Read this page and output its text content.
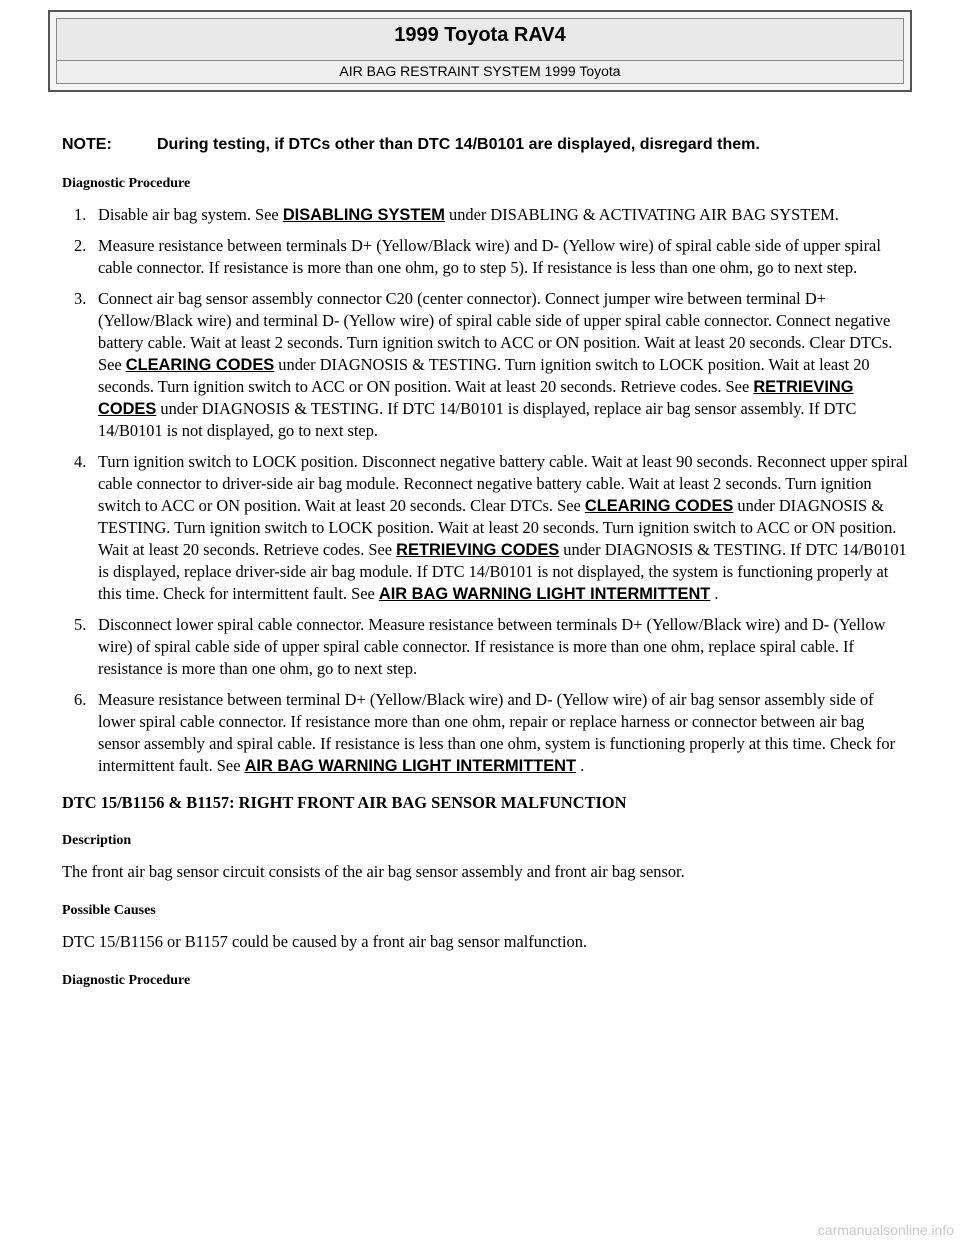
1999 Toyota RAV4
AIR BAG RESTRAINT SYSTEM 1999 Toyota
NOTE:	During testing, if DTCs other than DTC 14/B0101 are displayed, disregard them.
Diagnostic Procedure
1. Disable air bag system. See DISABLING SYSTEM under DISABLING & ACTIVATING AIR BAG SYSTEM.
2. Measure resistance between terminals D+ (Yellow/Black wire) and D- (Yellow wire) of spiral cable side of upper spiral cable connector. If resistance is more than one ohm, go to step 5). If resistance is less than one ohm, go to next step.
3. Connect air bag sensor assembly connector C20 (center connector). Connect jumper wire between terminal D+ (Yellow/Black wire) and terminal D- (Yellow wire) of spiral cable side of upper spiral cable connector. Connect negative battery cable. Wait at least 2 seconds. Turn ignition switch to ACC or ON position. Wait at least 20 seconds. Clear DTCs. See CLEARING CODES under DIAGNOSIS & TESTING. Turn ignition switch to LOCK position. Wait at least 20 seconds. Turn ignition switch to ACC or ON position. Wait at least 20 seconds. Retrieve codes. See RETRIEVING CODES under DIAGNOSIS & TESTING. If DTC 14/B0101 is displayed, replace air bag sensor assembly. If DTC 14/B0101 is not displayed, go to next step.
4. Turn ignition switch to LOCK position. Disconnect negative battery cable. Wait at least 90 seconds. Reconnect upper spiral cable connector to driver-side air bag module. Reconnect negative battery cable. Wait at least 2 seconds. Turn ignition switch to ACC or ON position. Wait at least 20 seconds. Clear DTCs. See CLEARING CODES under DIAGNOSIS & TESTING. Turn ignition switch to LOCK position. Wait at least 20 seconds. Turn ignition switch to ACC or ON position. Wait at least 20 seconds. Retrieve codes. See RETRIEVING CODES under DIAGNOSIS & TESTING. If DTC 14/B0101 is displayed, replace driver-side air bag module. If DTC 14/B0101 is not displayed, the system is functioning properly at this time. Check for intermittent fault. See AIR BAG WARNING LIGHT INTERMITTENT .
5. Disconnect lower spiral cable connector. Measure resistance between terminals D+ (Yellow/Black wire) and D- (Yellow wire) of spiral cable side of upper spiral cable connector. If resistance is more than one ohm, replace spiral cable. If resistance is more than one ohm, go to next step.
6. Measure resistance between terminal D+ (Yellow/Black wire) and D- (Yellow wire) of air bag sensor assembly side of lower spiral cable connector. If resistance more than one ohm, repair or replace harness or connector between air bag sensor assembly and spiral cable. If resistance is less than one ohm, system is functioning properly at this time. Check for intermittent fault. See AIR BAG WARNING LIGHT INTERMITTENT .
DTC 15/B1156 & B1157: RIGHT FRONT AIR BAG SENSOR MALFUNCTION
Description
The front air bag sensor circuit consists of the air bag sensor assembly and front air bag sensor.
Possible Causes
DTC 15/B1156 or B1157 could be caused by a front air bag sensor malfunction.
Diagnostic Procedure
carmanualsonline.info
